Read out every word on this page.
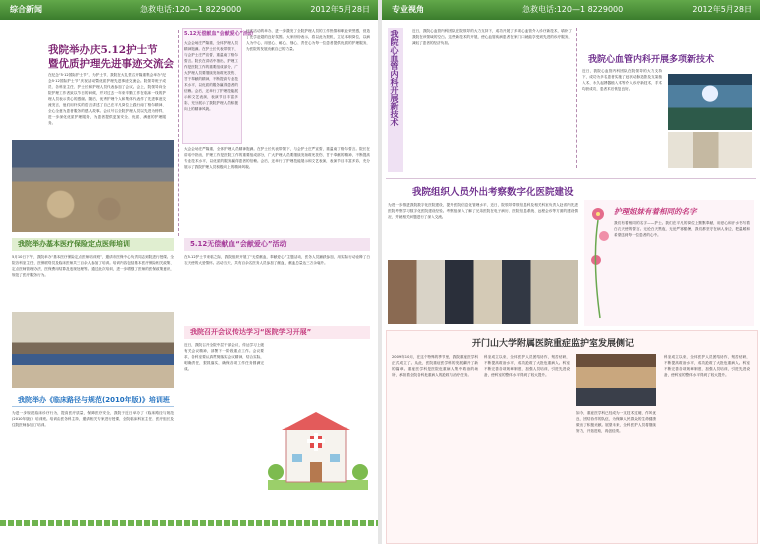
综合新闻	急救电话:120—1 8229000	2012年5月28日
我院举办庆5.12护士节
暨优质护理先进事迹交流会
在纪念“5·12国际护士节”，为护士节，我院在大礼堂召开隆重集会举办“纪念5·12国际护士节”庆祝活动暨优质护理先进事迹交流会。院领导班子成员、各科室主任、护士长和护理人员代表参加了会议。会上，院领导向全院护理工作者致以节日的问候，并对过去一年来辛勤工作在临床一线的护理人员表示衷心的感谢。随后，优秀护理个人和集体代表作了先进事迹交流发言，他们用朴实的语言讲述了自己在平凡岗位上践行南丁格尔精神、全心全意为患者服务的感人故事。会议号召全院护理人员以先进为榜样，进一步深化优质护理服务，为患者提供更加安全、优质、满意的护理服务。
5.12无偿献血“会献爱心”活动
大会会场庄严隆重，全体护理人员精神饱满。在护士长代表带领下，与会护士庄严宣誓，重温南丁格尔誓言。院长在讲话中指出，护理工作是医院工作的重要组成部分，广大护理人员要继续发扬救死扶伤、甘于奉献的精神，不断提高专业技术水平，以优质的服务赢得患者的信赖。会后，还举行了护理技能展示和文艺表演，表演节目丰富多彩，充分展示了我院护理人员积极向上的精神风貌。
这次活动的举办，进一步激发了全院护理人员的工作热情和职业荣誉感，营造了比学赶超的良好氛围。大家纷纷表示，将以此为契机，立足本职岗位，以病人为中心，用爱心、耐心、细心、责任心为每一位患者提供优质的护理服务，为医院的发展贡献自己的力量。
大会会场庄严隆重，全体护理人员精神饱满。在护士长代表带领下，与会护士庄严宣誓，重温南丁格尔誓言。院长在讲话中指出，护理工作是医院工作的重要组成部分，广大护理人员要继续发扬救死扶伤、甘于奉献的精神，不断提高专业技术水平，以优质的服务赢得患者的信赖。会后，还举行了护理技能展示和文艺表演，表演节目丰富多彩，充分展示了我院护理人员积极向上的精神风貌。
我院举办基本医疗保险定点医师培训
5月10日下午，我院举办“基本医疗保险定点医师培训班”，邀请市医保中心负责同志到院进行授课。全院各科室主任、医保联络员及临床医师共三百余人参加了培训。培训内容包括基本医疗保险相关政策、定点医师管理办法、医保费用结算及违规处理等。通过此次培训，进一步增强了医师的医保政策意识，规范了医疗服务行为。
5.12无偿献血“会献爱心”活动
在5.12护士节来临之际，我院组织开展了“无偿献血，奉献爱心”主题活动，医务人员踊跃参加，用实际行动诠释了白衣天使的大爱情怀。活动当天，共有百余名医务人员参加了献血，献血总量达三万余毫升。
我院召开会议传达学习“医院学习开展”
近日，我院召开全院中层干部会议，传达学习上级有关会议精神，部署下一阶段重点工作。会议要求，各科室要认真贯彻落实会议精神，结合实际，明确责任，狠抓落实，确保各项工作任务圆满完成。
我院举办《临床路径与规范(2010年版)》培训班
为进一步规范临床诊疗行为，提高医疗质量，保障医疗安全，我院于近日举办了《临床路径与规范(2010年版)》培训班。培训由医务科主持，邀请相关专家进行授课，全院临床科室主任、医疗组长及住院医师参加了培训。
专业视角	急救电话:120—1 8229000	2012年5月28日
我院心血管内科开展新技术	近日，我院心血管内科团队在院领导的大力支持下，成功开展了多项心血管介入诊疗新技术，填补了我院在该领域的空白。这些新技术的开展，使心血管疾病患者在家门口就能享受到先进的诊疗服务，减轻了患者的经济负担。
我院心血管内科开展多项新技术
近日，我院心血管内科团队在院领导的大力支持下，成功为多名患者实施了冠状动脉造影及支架植入术、永久起搏器植入术等介入诊疗新技术，手术均获成功，患者术后恢复良好。
我院组织人员外出考察数字化医院建设
为进一步推进我院数字化医院建设，提升医院信息化管理水平，近日，院领导带领信息科及相关科室负责人赴省内先进医院考察学习数字化医院建设经验。考察组深入了解了兄弟医院在电子病历、医院信息系统、远程会诊等方面的建设情况，并就相关问题进行了深入交流。
护理姐妹有着相同的名字
我们有着相同的名字——护士。我们在平凡的岗位上默默奉献，用爱心和汗水书写着白衣天使的誓言。无论白天黑夜，无论严寒酷暑，我们都坚守在病人身边，把温暖和希望送到每一位患者的心中。
开门山大学附属医院重症监护室发展侧记
2009年10月，在这个特殊的季节里，我院重症医学科正式成立了。从此，医院重症医学科的发展翻开了新的篇章。重症医学科是医院危重病人集中救治的场所，承担着全院各科危重病人的抢救与治疗任务。
科室成立以来，全体医护人员团结协作，刻苦钻研，不断提高救治水平，成功抢救了大批危重病人。科室不断完善各项规章制度，加强人员培训，引进先进设备，使科室的整体水平得到了较大提升。
如今，重症医学科已经成为一支技术过硬、作风优良、团结协作的队伍，为保障人民群众的生命健康做出了积极贡献。展望未来，全科医护人员将继续努力，开拓进取，再创佳绩。
科室成立以来，全体医护人员团结协作，刻苦钻研，不断提高救治水平，成功抢救了大批危重病人。科室不断完善各项规章制度，加强人员培训，引进先进设备，使科室的整体水平得到了较大提升。
